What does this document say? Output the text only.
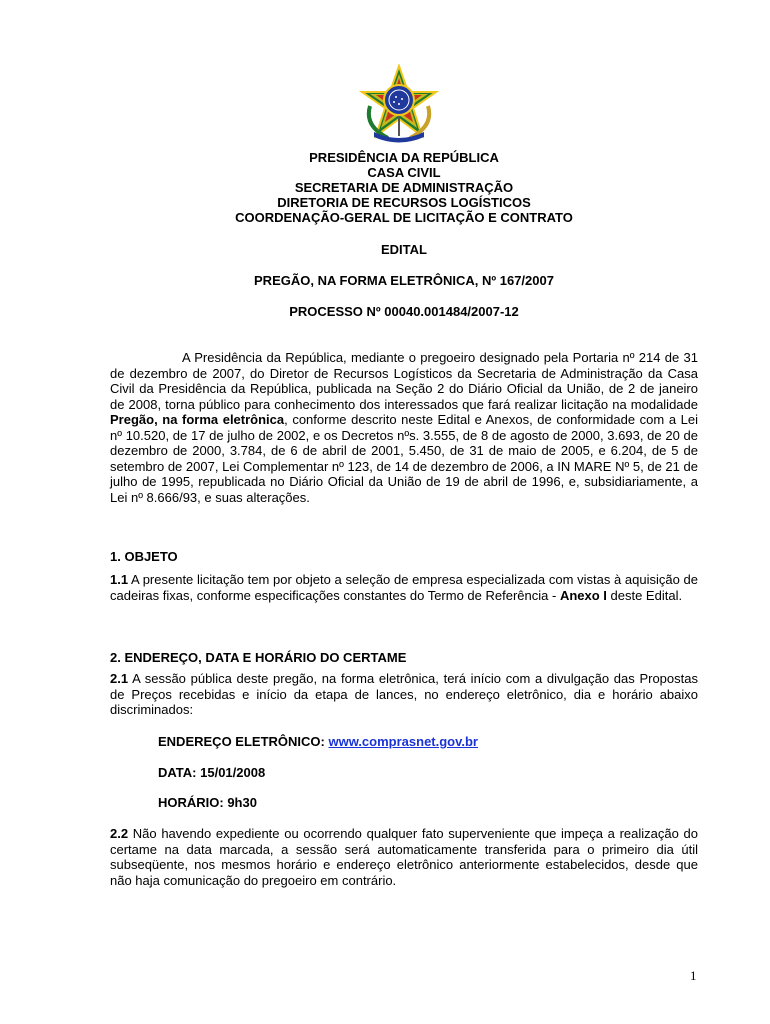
PRESIDÊNCIA DA REPÚBLICA
CASA CIVIL
SECRETARIA DE ADMINISTRAÇÃO
DIRETORIA DE RECURSOS LOGÍSTICOS
COORDENAÇÃO-GERAL DE LICITAÇÃO E CONTRATO
EDITAL
PREGÃO, NA FORMA ELETRÔNICA, Nº 167/2007
PROCESSO Nº 00040.001484/2007-12
A Presidência da República, mediante o pregoeiro designado pela Portaria nº 214 de 31 de dezembro de 2007, do Diretor de Recursos Logísticos da Secretaria de Administração da Casa Civil da Presidência da República, publicada na Seção 2 do Diário Oficial da União, de 2 de janeiro de 2008, torna público para conhecimento dos interessados que fará realizar licitação na modalidade Pregão, na forma eletrônica, conforme descrito neste Edital e Anexos, de conformidade com a Lei nº 10.520, de 17 de julho de 2002, e os Decretos nºs. 3.555, de 8 de agosto de 2000, 3.693, de 20 de dezembro de 2000, 3.784, de 6 de abril de 2001, 5.450, de 31 de maio de 2005, e 6.204, de 5 de setembro de 2007, Lei Complementar nº 123, de 14 de dezembro de 2006, a IN MARE Nº 5, de 21 de julho de 1995, republicada no Diário Oficial da União de 19 de abril de 1996, e, subsidiariamente, a Lei nº 8.666/93, e suas alterações.
1. OBJETO
1.1 A presente licitação tem por objeto a seleção de empresa especializada com vistas à aquisição de cadeiras fixas, conforme especificações constantes do Termo de Referência - Anexo I deste Edital.
2. ENDEREÇO, DATA E HORÁRIO DO CERTAME
2.1 A sessão pública deste pregão, na forma eletrônica, terá início com a divulgação das Propostas de Preços recebidas e início da etapa de lances, no endereço eletrônico, dia e horário abaixo discriminados:
ENDEREÇO ELETRÔNICO: www.comprasnet.gov.br
DATA: 15/01/2008
HORÁRIO: 9h30
2.2 Não havendo expediente ou ocorrendo qualquer fato superveniente que impeça a realização do certame na data marcada, a sessão será automaticamente transferida para o primeiro dia útil subseqüente, nos mesmos horário e endereço eletrônico anteriormente estabelecidos, desde que não haja comunicação do pregoeiro em contrário.
1
